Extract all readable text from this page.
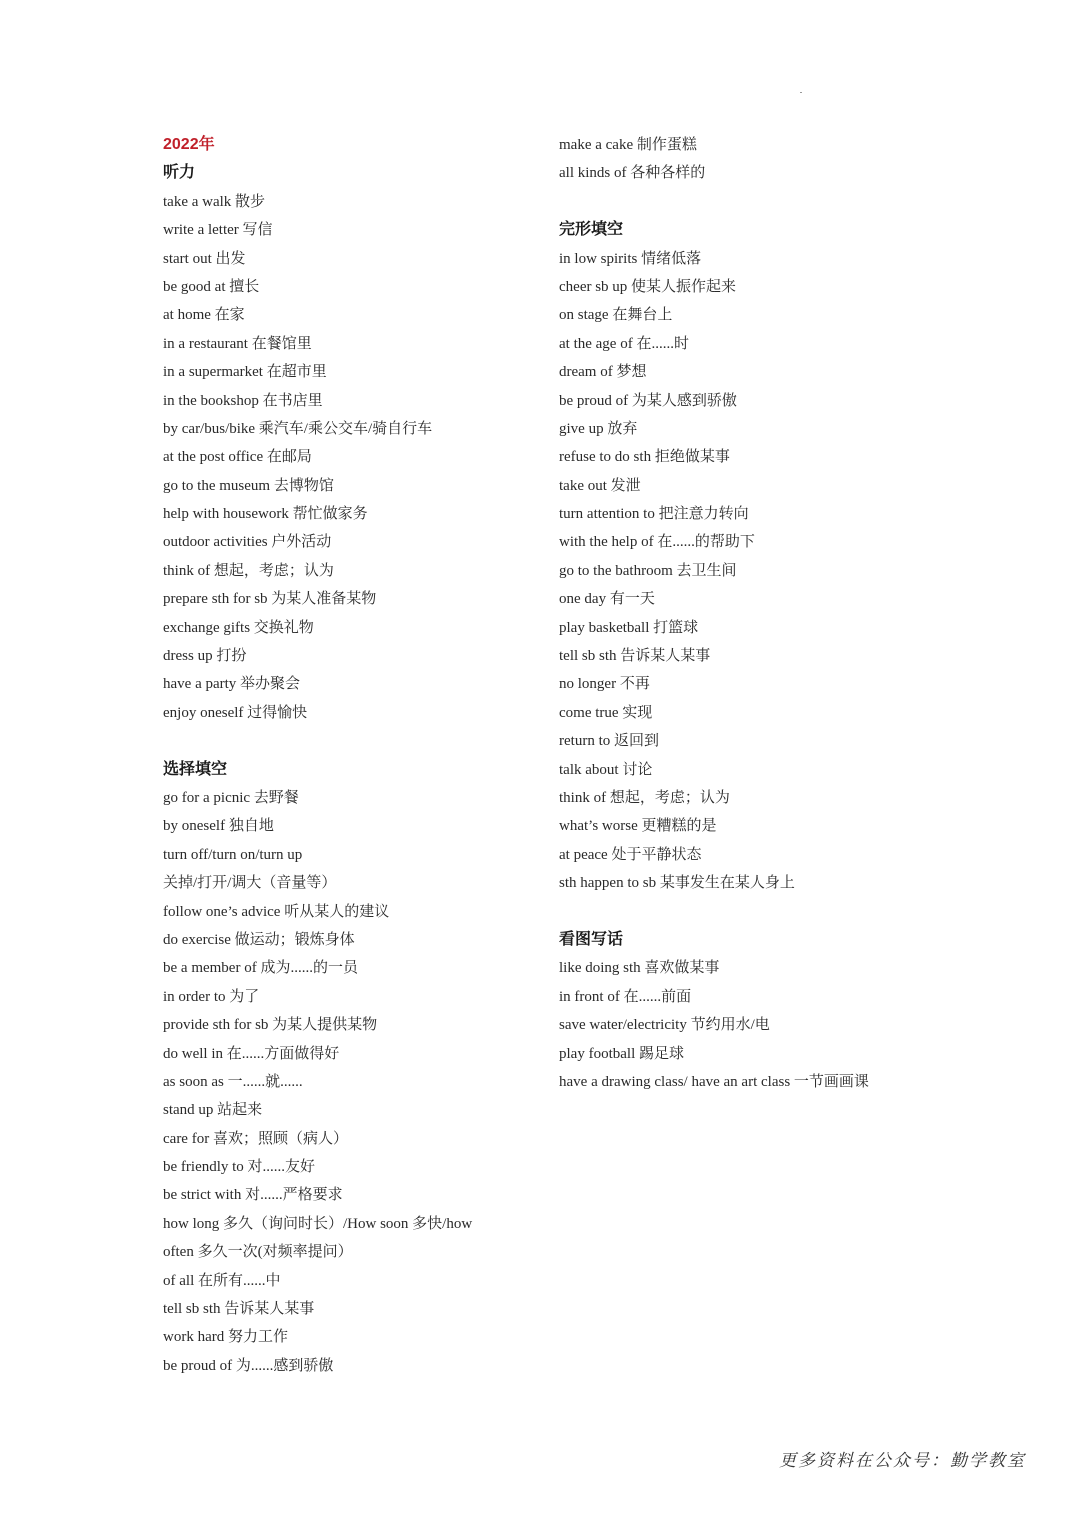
2022年
听力
take a walk 散步
write a letter 写信
start out 出发
be good at 擅长
at home 在家
in a restaurant 在餐馆里
in a supermarket 在超市里
in the bookshop 在书店里
by car/bus/bike 乘汽车/乘公交车/骑自行车
at the post office 在邮局
go to the museum 去博物馆
help with housework 帮忙做家务
outdoor activities 户外活动
think of 想起，考虑；认为
prepare sth for sb 为某人准备某物
exchange gifts 交换礼物
dress up 打扮
have a party 举办聚会
enjoy oneself 过得愉快
选择填空
go for a picnic 去野餐
by oneself 独自地
turn off/turn on/turn up
关掉/打开/调大（音量等）
follow one’s advice 听从某人的建议
do exercise 做运动；锻炼身体
be a member of 成为......的一员
in order to 为了
provide sth for sb 为某人提供某物
do well in 在......方面做得好
as soon as 一......就......
stand up 站起来
care for 喜欢；照顾（病人）
be friendly to 对......友好
be strict with 对......严格要求
how long 多久（询问时长）/How soon 多快/how
often 多久一次(对频率提问）
of all 在所有......中
tell sb sth 告诉某人某事
work hard 努力工作
be proud of 为......感到骄傲
make a cake 制作蛋糕
all kinds of 各种各样的
完形填空
in low spirits 情绪低落
cheer sb up 使某人振作起来
on stage 在舞台上
at the age of 在......时
dream of 梦想
be proud of 为某人感到骄傲
give up 放弃
refuse to do sth 拒绝做某事
take out 发泄
turn attention to 把注意力转向
with the help of 在......的帮助下
go to the bathroom 去卫生间
one day 有一天
play basketball 打篮球
tell sb sth 告诉某人某事
no longer 不再
come true 实现
return to 返回到
talk about 讨论
think of 想起，考虑；认为
what’s worse 更糟糕的是
at peace 处于平静状态
sth happen to sb 某事发生在某人身上
看图写话
like doing sth 喜欢做某事
in front of 在......前面
save water/electricity 节约用水/电
play football 踢足球
have a drawing class/ have an art class 一节画画课
更多资料在公众号：勤学教室
